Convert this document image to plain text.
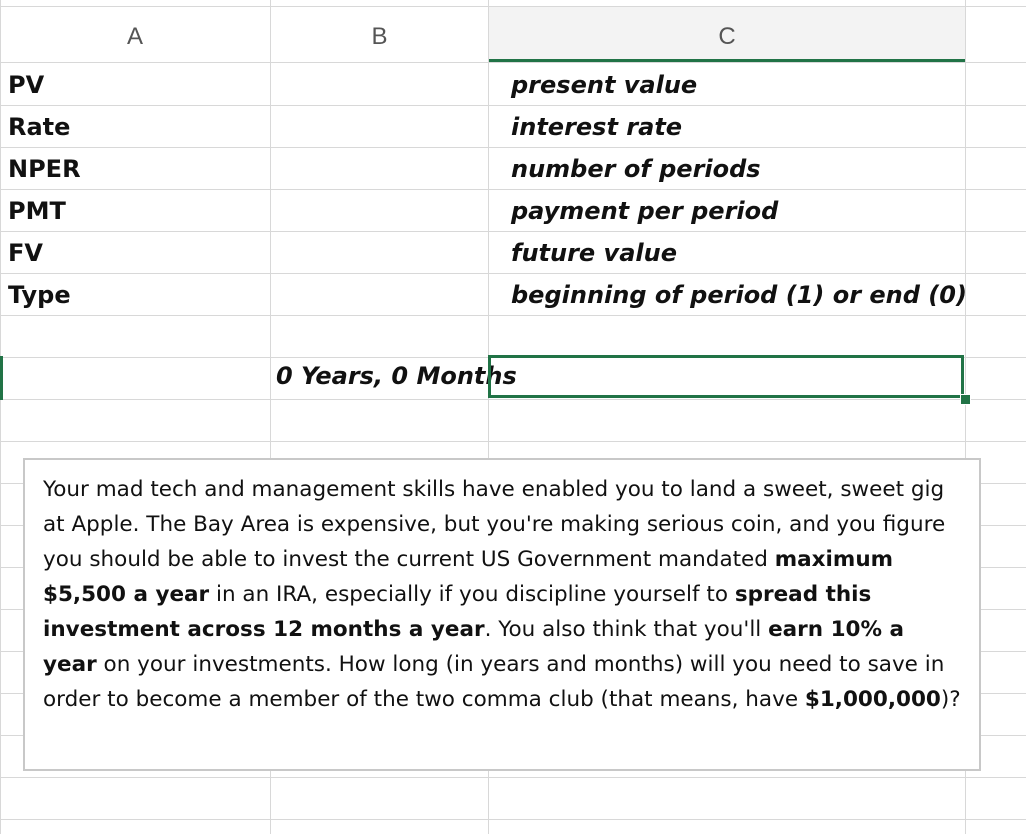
A	B	C
PV
Rate
NPER
PMT
FV
Type
present value
interest rate
number of periods
payment per period
future value
beginning of period (1) or end (0)
0 Years, 0 Months
Your mad tech and management skills have enabled you to land a sweet, sweet gig at Apple. The Bay Area is expensive, but you're making serious coin, and you figure you should be able to invest the current US Government mandated maximum $5,500 a year in an IRA, especially if you discipline yourself to spread this investment across 12 months a year. You also think that you'll earn 10% a year on your investments. How long (in years and months) will you need to save in order to become a member of the two comma club (that means, have $1,000,000)?
